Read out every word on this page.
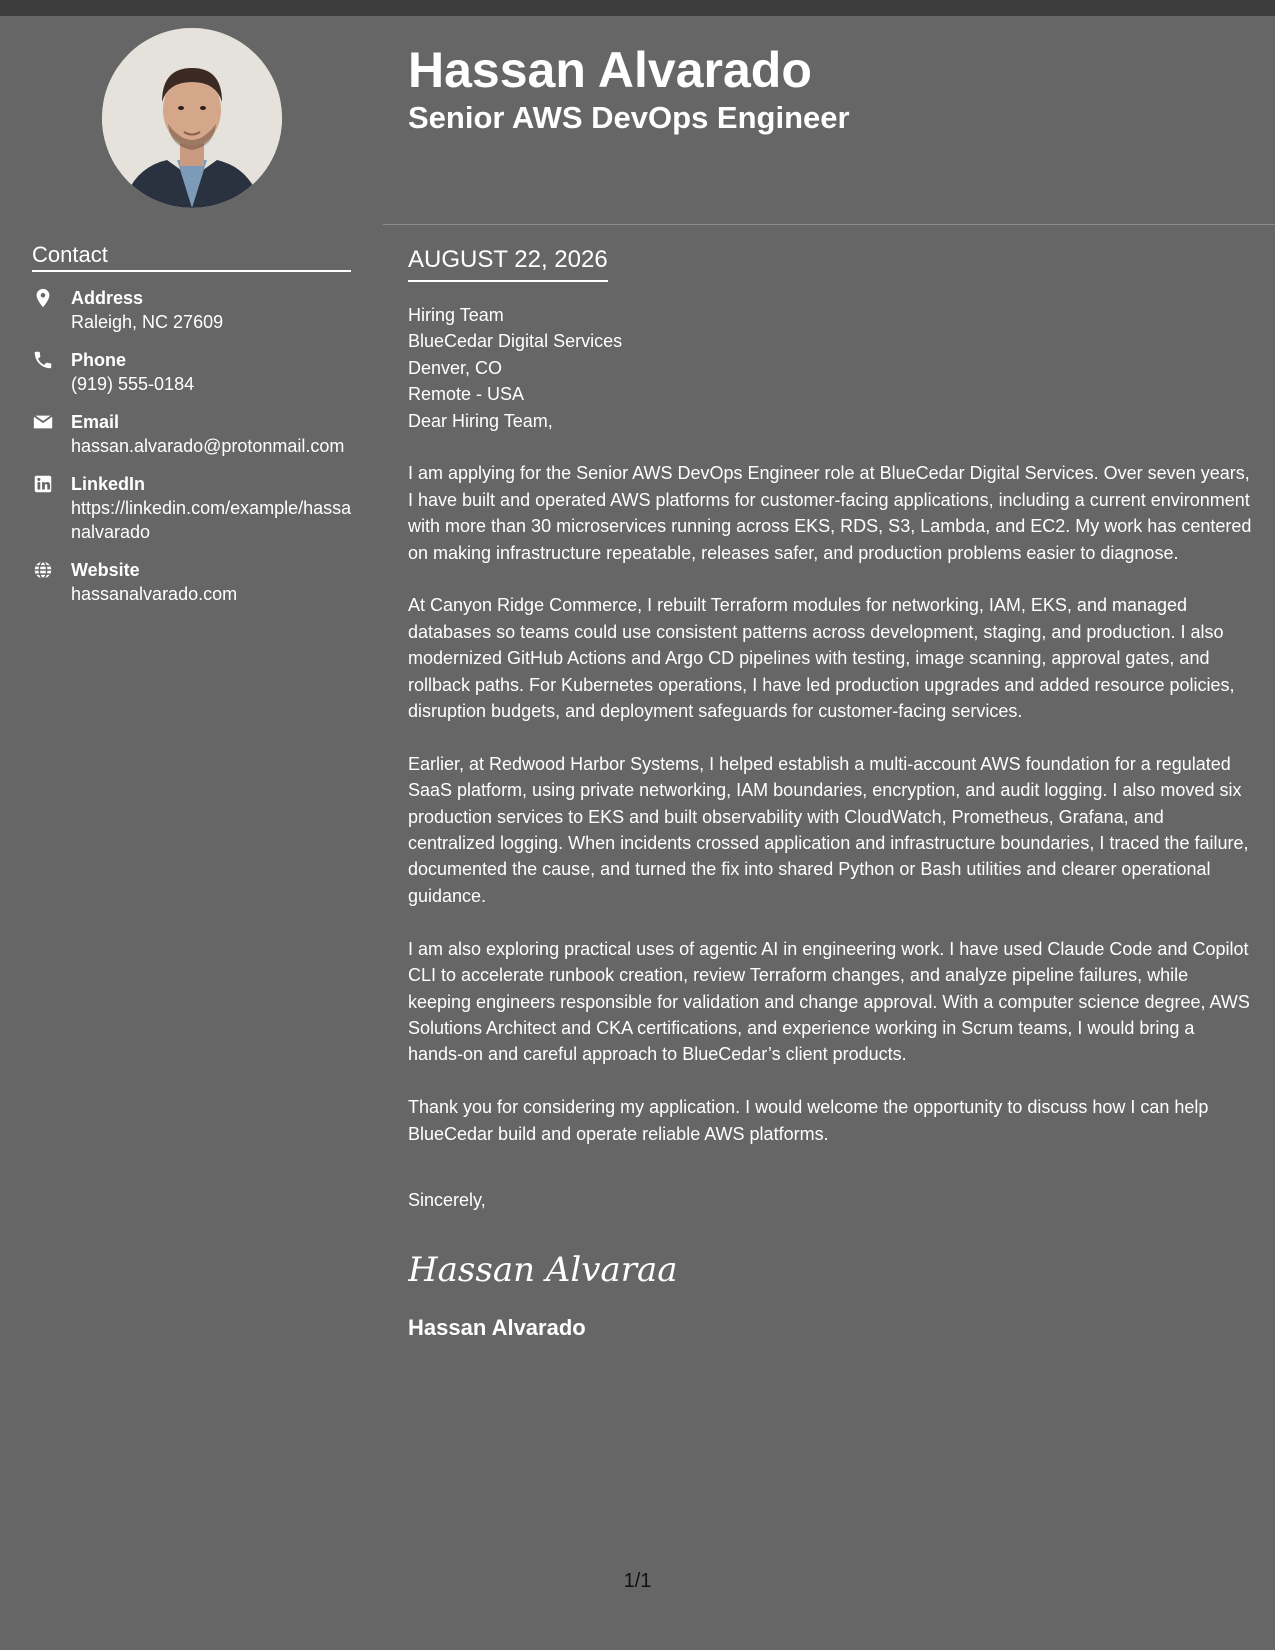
Contact
Address
Raleigh, NC 27609
Phone
(919) 555-0184
Email
hassan.alvarado@protonmail.com
LinkedIn
https://linkedin.com/example/hassanalvarado
Website
hassanalvarado.com
Hassan Alvarado
Senior AWS DevOps Engineer
AUGUST 22, 2026
Hiring Team
BlueCedar Digital Services
Denver, CO
Remote - USA

Dear Hiring Team,

I am applying for the Senior AWS DevOps Engineer role at BlueCedar Digital Services. Over seven years, I have built and operated AWS platforms for customer-facing applications, including a current environment with more than 30 microservices running across EKS, RDS, S3, Lambda, and EC2. My work has centered on making infrastructure repeatable, releases safer, and production problems easier to diagnose.

At Canyon Ridge Commerce, I rebuilt Terraform modules for networking, IAM, EKS, and managed databases so teams could use consistent patterns across development, staging, and production. I also modernized GitHub Actions and Argo CD pipelines with testing, image scanning, approval gates, and rollback paths. For Kubernetes operations, I have led production upgrades and added resource policies, disruption budgets, and deployment safeguards for customer-facing services.

Earlier, at Redwood Harbor Systems, I helped establish a multi-account AWS foundation for a regulated SaaS platform, using private networking, IAM boundaries, encryption, and audit logging. I also moved six production services to EKS and built observability with CloudWatch, Prometheus, Grafana, and centralized logging. When incidents crossed application and infrastructure boundaries, I traced the failure, documented the cause, and turned the fix into shared Python or Bash utilities and clearer operational guidance.

I am also exploring practical uses of agentic AI in engineering work. I have used Claude Code and Copilot CLI to accelerate runbook creation, review Terraform changes, and analyze pipeline failures, while keeping engineers responsible for validation and change approval. With a computer science degree, AWS Solutions Architect and CKA certifications, and experience working in Scrum teams, I would bring a hands-on and careful approach to BlueCedar’s client products.

Thank you for considering my application. I would welcome the opportunity to discuss how I can help BlueCedar build and operate reliable AWS platforms.

Sincerely,
Hassan Alvaraa
Hassan Alvarado
1/1
